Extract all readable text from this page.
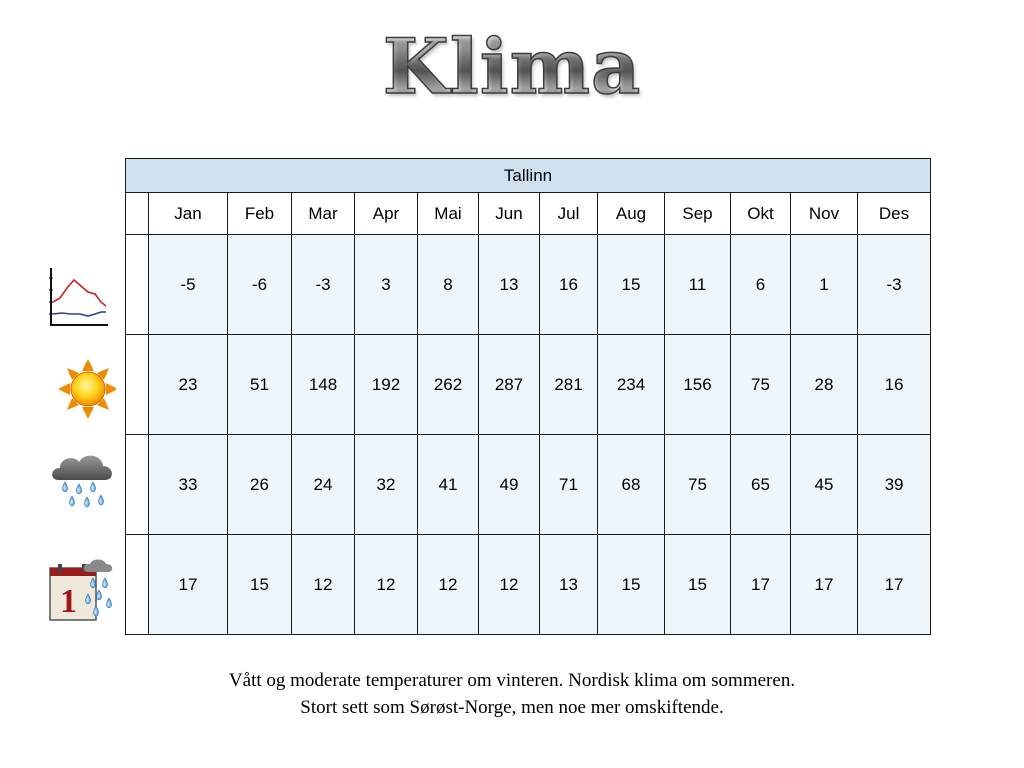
Klima
1
Tallinn												
	Jan	Feb	Mar	Apr	Mai	Jun	Jul	Aug	Sep	Okt	Nov	Des
	-5	-6	-3	3	8	13	16	15	11	6	1	-3
	23	51	148	192	262	287	281	234	156	75	28	16
	33	26	24	32	41	49	71	68	75	65	45	39
	17	15	12	12	12	12	13	15	15	17	17	17
Vått og moderate temperaturer om vinteren. Nordisk klima om sommeren.
Stort sett som Sørøst-Norge, men noe mer omskiftende.
